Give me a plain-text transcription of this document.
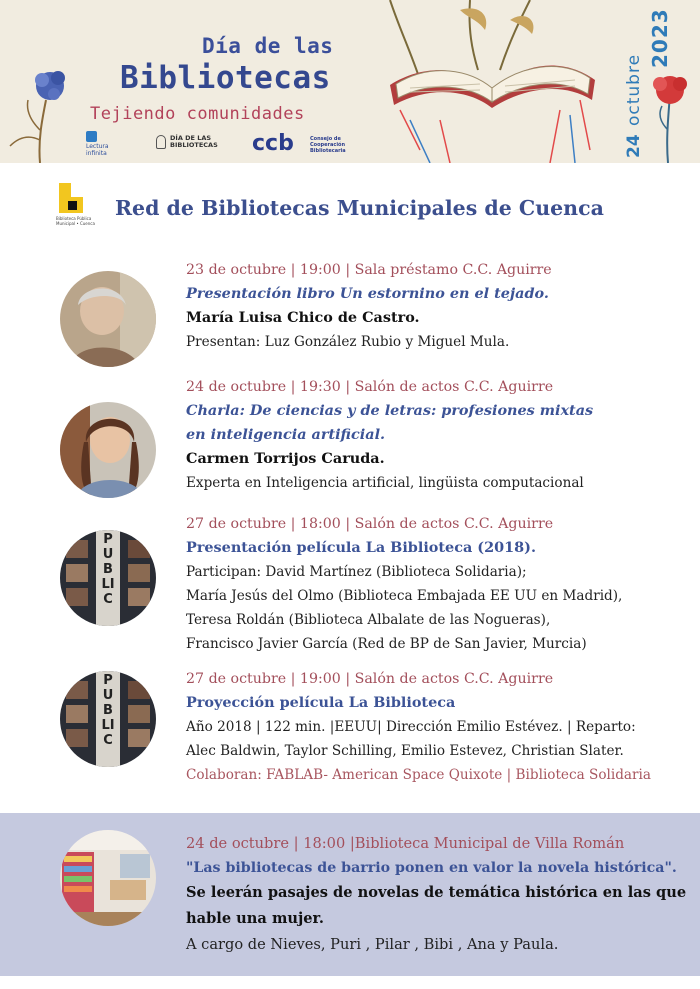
Día de las
Bibliotecas
Tejiendo comunidades
Lectura infinita
DÍA DE LAS BIBLIOTECAS ccb	Consejo de Cooperación Bibliotecaria	24
octubre
2023
Biblioteca Pública Municipal • Cuenca
Red de Bibliotecas Municipales de Cuenca
23 de octubre | 19:00 | Sala préstamo C.C. Aguirre
Presentación libro Un estornino en el tejado.
María Luisa Chico de Castro.
Presentan: Luz González Rubio y Miguel Mula.
24 de octubre | 19:30 | Salón de actos C.C. Aguirre
Charla: De ciencias y de letras: profesiones mixtas
en inteligencia artificial.
Carmen Torrijos Caruda.
Experta en Inteligencia artificial, lingüista computacional
PUBLIC
27 de octubre | 18:00 | Salón de actos C.C. Aguirre
Presentación película La Biblioteca (2018).
Participan: David Martínez (Biblioteca Solidaria);
María Jesús del Olmo (Biblioteca Embajada EE UU en Madrid),
Teresa Roldán (Biblioteca Albalate de las Nogueras),
Francisco Javier García (Red de BP de San Javier, Murcia)
PUBLIC
27 de octubre | 19:00 | Salón de actos C.C. Aguirre
Proyección película La Biblioteca
Año 2018 | 122 min. |EEUU| Dirección Emilio Estévez. | Reparto:
Alec Baldwin, Taylor Schilling, Emilio Estevez, Christian Slater.
Colaboran: FABLAB- American Space Quixote | Biblioteca Solidaria
24 de octubre | 18:00 |Biblioteca Municipal de Villa Román
"Las bibliotecas de barrio ponen en valor la novela histórica".
Se leerán pasajes de novelas de temática histórica en las que
hable una mujer.
A cargo de Nieves, Puri , Pilar , Bibi , Ana y Paula.
